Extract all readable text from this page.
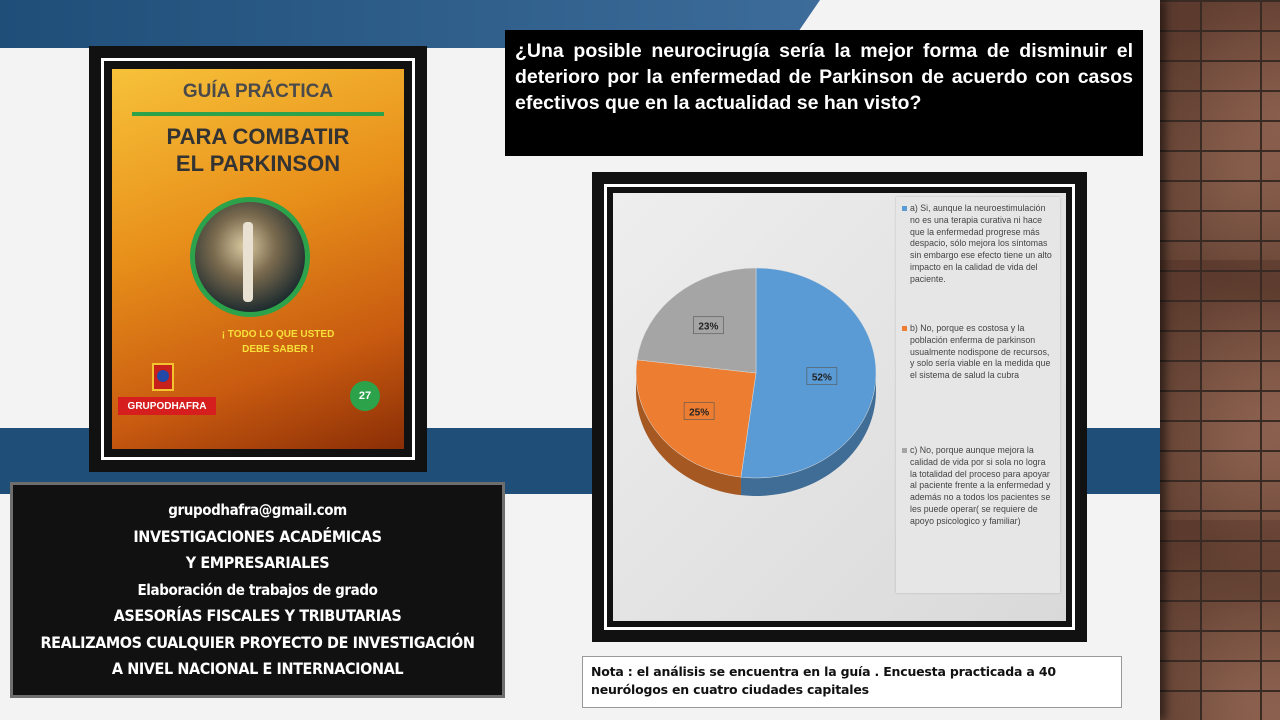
GUÍA PRÁCTICA
PARA COMBATIR
EL PARKINSON
¡ TODO LO QUE USTED
DEBE SABER !
GRUPODHAFRA
27
grupodhafra@gmail.com
INVESTIGACIONES ACADÉMICAS
Y EMPRESARIALES
Elaboración de trabajos de grado
ASESORÍAS FISCALES Y TRIBUTARIAS
REALIZAMOS CUALQUIER PROYECTO DE INVESTIGACIÓN
A NIVEL NACIONAL E INTERNACIONAL
¿Una posible neurocirugía sería la mejor forma de disminuir el deterioro por la enfermedad de Parkinson de acuerdo con casos efectivos que en la actualidad se han visto?
52%
25%
23%
a) Si, aunque la neuroestimulación no es una terapia curativa ni hace que la enfermedad progrese más despacio, sólo mejora los síntomas sin embargo ese efecto tiene un alto impacto en la calidad de vida del paciente.
b) No, porque es costosa y la población enferma de parkinson usualmente nodispone de recursos, y solo sería viable en la medida que el sistema de salud la cubra
c) No, porque aunque mejora la calidad de vida por si sola no logra la totalidad del proceso para apoyar al paciente frente a la enfermedad y además no a todos los pacientes se les puede operar( se requiere de apoyo psicologico y familiar)
Nota : el análisis se encuentra en la guía . Encuesta practicada a 40 neurólogos en cuatro ciudades capitales
